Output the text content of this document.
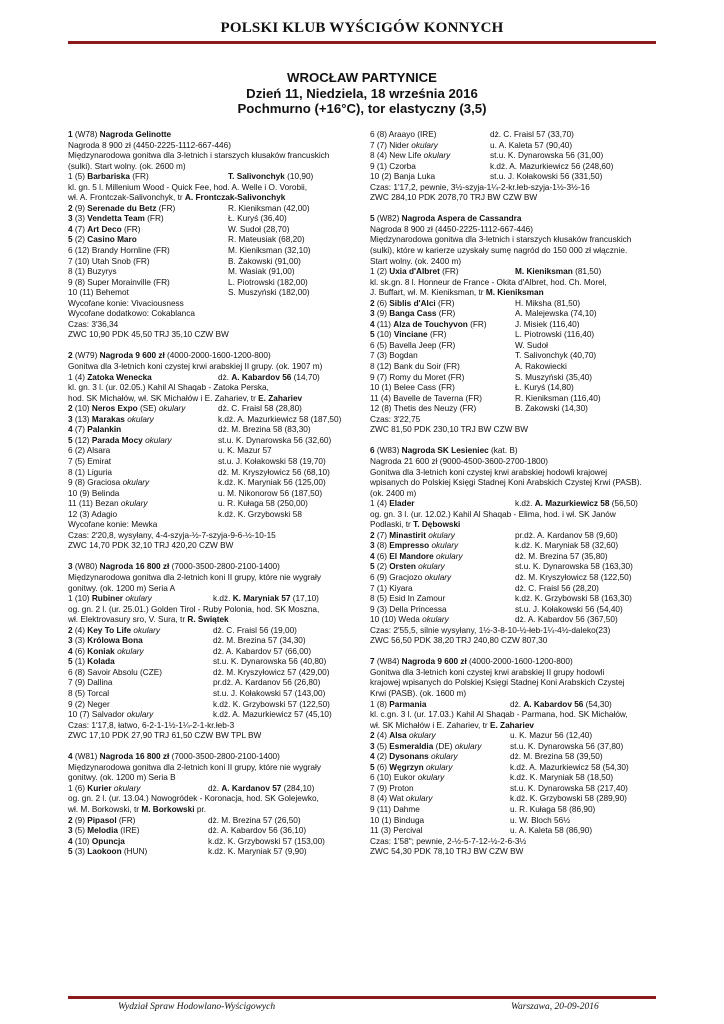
POLSKI KLUB WYŚCIGÓW KONNYCH
WROCŁAW PARTYNICE
Dzień 11, Niedziela, 18 września 2016
Pochmurno (+16°C), tor elastyczny (3,5)
1 (W78) Nagroda Gelinotte
Nagroda 8 900 zł (4450-2225-1112-667-446)
Międzynarodowa gonitwa dla 3-letnich i starszych kłusaków francuskich
(sulki). Start wolny. (ok. 2600 m)
1 (5) Barbariska (FR)	T. Salivonchyk (10,90)
kl. gn. 5 l. Millenium Wood - Quick Fee, hod. A. Welle i O. Vorobii,
wł. A. Frontczak-Salivonchyk, tr A. Frontczak-Salivonchyk
2 (9) Serenade du Betz (FR)	R. Kieniksman (42,00)
3 (3) Vendetta Team (FR)	Ł. Kuryś (36,40)
4 (7) Art Deco (FR)	W. Sudoł (28,70)
5 (2) Casino Maro	R. Mateusiak (68,20)
6 (12) Brandy Hornline (FR)	M. Kieniksman (32,10)
7 (10) Utah Snob (FR)	B. Żakowski (91,00)
8 (1) Buzyrys	M. Wasiak (91,00)
9 (8) Super Morainville (FR)	L. Piotrowski (182,00)
10 (11) Behemot	S. Muszyński (182,00)
Wycofane konie: Vivaciousness
Wycofane dodatkowo: Cokablanca
Czas: 3'36,34
ZWC 10,90 PDK 45,50 TRJ 35,10 CZW BW
2 (W79) Nagroda 9 600 zł (4000-2000-1600-1200-800)
Gonitwa dla 3-letnich koni czystej krwi arabskiej II grupy. (ok. 1907 m)
1 (4) Zatoka Wenecka	dż. A. Kabardov 56 (14,70)
kl. gn. 3 l. (ur. 02.05.) Kahil Al Shaqab - Zatoka Perska,
hod. SK Michałów, wł. SK Michałów i E. Zahariev, tr E. Zahariev
2 (10) Neros Expo (SE) okulary	dż. C. Fraisl 58 (28,80)
3 (13) Marakas okulary	k.dż. A. Mazurkiewicz 58 (187,50)
4 (7) Palankin	dż. M. Brezina 58 (83,30)
5 (12) Parada Mocy okulary	st.u. K. Dynarowska 56 (32,60)
6 (2) Alsara	u. K. Mazur 57
7 (5) Emirat	st.u. J. Kołakowski 58 (19,70)
8 (1) Liguria	dż. M. Kryszyłowicz 56 (68,10)
9 (8) Graciosa okulary	k.dż. K. Maryniak 56 (125,00)
10 (9) Belinda	u. M. Nikonorow 56 (187,50)
11 (11) Bezan okulary	u. R. Kułaga 58 (250,00)
12 (3) Adagio	k.dż. K. Grzybowski 58
Wycofane konie: Mewka
Czas: 2'20,8, wysyłany, 4-4-szyja-½-7-szyja-9-6-½-10-15
ZWC 14,70 PDK 32,10 TRJ 420,20 CZW BW
3 (W80) Nagroda 16 800 zł (7000-3500-2800-2100-1400)
Międzynarodowa gonitwa dla 2-letnich koni II grupy, które nie wygrały
gonitwy. (ok. 1200 m) Seria A
1 (10) Rubiner okulary	k.dż. K. Maryniak 57 (17,10)
og. gn. 2 l. (ur. 25.01.) Golden Tirol - Ruby Polonia, hod. SK Moszna,
wł. Elektrovasury sro, V. Sura, tr R. Świątek
2 (4) Key To Life okulary	dż. C. Fraisl 56 (19,00)
3 (3) Królowa Bona	dż. M. Brezina 57 (34,30)
4 (6) Koniak okulary	dż. A. Kabardov 57 (66,00)
5 (1) Kolada	st.u. K. Dynarowska 56 (40,80)
6 (8) Savoir Absolu (CZE)	dż. M. Kryszyłowicz 57 (429,00)
7 (9) Dallina	pr.dż. A. Kardanov 56 (26,80)
8 (5) Torcal	st.u. J. Kołakowski 57 (143,00)
9 (2) Neger	k.dż. K. Grzybowski 57 (122,50)
10 (7) Salvador okulary	k.dż. A. Mazurkiewicz 57 (45,10)
Czas: 1'17,8, łatwo, 6-2-1-1½-1¼-2-1-kr.łeb-3
ZWC 17,10 PDK 27,90 TRJ 61,50 CZW BW TPL BW
4 (W81) Nagroda 16 800 zł (7000-3500-2800-2100-1400)
Międzynarodowa gonitwa dla 2-letnich koni II grupy, które nie wygrały
gonitwy. (ok. 1200 m) Seria B
1 (6) Kurier okulary	dż. A. Kardanov 57 (284,10)
og. gn. 2 l. (ur. 13.04.) Nowogródek - Koronacja, hod. SK Golejewko,
wł. M. Borkowski, tr M. Borkowski pr.
2 (9) Pipasol (FR)	dż. M. Brezina 57 (26,50)
3 (5) Melodia (IRE)	dż. A. Kabardov 56 (36,10)
4 (10) Opuncja	k.dż. K. Grzybowski 57 (153,00)
5 (3) Laokoon (HUN)	k.dż. K. Maryniak 57 (9,90)
6 (8) Araayo (IRE)	dż. C. Fraisl 57 (33,70)
7 (7) Nider okulary	u. A. Kaleta 57 (90,40)
8 (4) New Life okulary	st.u. K. Dynarowska 56 (31,00)
9 (1) Czorba	k.dż. A. Mazurkiewicz 56 (248,60)
10 (2) Banja Luka	st.u. J. Kołakowski 56 (331,50)
Czas: 1'17,2, pewnie, 3½-szyja-1¼-2-kr.łeb-szyja-1½-3½-16
ZWC 284,10 PDK 2078,70 TRJ BW CZW BW
5 (W82) Nagroda Aspera de Cassandra
Nagroda 8 900 zł (4450-2225-1112-667-446)
Międzynarodowa gonitwa dla 3-letnich i starszych kłusaków francuskich
(sulki), które w karierze uzyskały sumę nagród do 150 000 zł włącznie.
Start wolny. (ok. 2400 m)
1 (2) Uxia d'Albret (FR)	M. Kieniksman (81,50)
kl. sk.gn. 8 l. Honneur de France - Okita d'Albret, hod. Ch. Morel,
J. Buffart, wł. M. Kieniksman, tr M. Kieniksman
2 (6) Siblis d'Alci (FR)	H. Miksha (81,50)
3 (9) Banga Cass (FR)	A. Malejewska (74,10)
4 (11) Alza de Touchyvon (FR)	J. Misiek (116,40)
5 (10) Vinciane (FR)	L. Piotrowski (116,40)
6 (5) Bavella Jeep (FR)	W. Sudoł
7 (3) Bogdan	T. Salivonchyk (40,70)
8 (12) Bank du Soir (FR)	A. Rakowiecki
9 (7) Romy du Moret (FR)	S. Muszyński (35,40)
10 (1) Belee Cass (FR)	Ł. Kuryś (14,80)
11 (4) Bavelle de Taverna (FR)	R. Kieniksman (116,40)
12 (8) Thetis des Neuzy (FR)	B. Żakowski (14,30)
Czas: 3'22,75
ZWC 81,50 PDK 230,10 TRJ BW CZW BW
6 (W83) Nagroda SK Lesieniec (kat. B)
Nagroda 21 600 zł (9000-4500-3600-2700-1800)
Gonitwa dla 3-letnich koni czystej krwi arabskiej hodowli krajowej
wpisanych do Polskiej Księgi Stadnej Koni Arabskich Czystej Krwi (PASB).
(ok. 2400 m)
1 (4) Elader	k.dż. A. Mazurkiewicz 58 (56,50)
og. gn. 3 l. (ur. 12.02.) Kahil Al Shaqab - Elima, hod. i wł. SK Janów
Podlaski, tr T. Dębowski
2 (7) Minastirit okulary	pr.dż. A. Kardanov 58 (9,60)
3 (8) Empresso okulary	k.dż. K. Maryniak 58 (32,60)
4 (6) El Mandore okulary	dż. M. Brezina 57 (35,80)
5 (2) Orsten okulary	st.u. K. Dynarowska 58 (163,30)
6 (9) Gracjozo okulary	dż. M. Kryszyłowicz 58 (122,50)
7 (1) Kiyara	dż. C. Fraisl 56 (28,20)
8 (5) Esid In Zamour	k.dż. K. Grzybowski 58 (163,30)
9 (3) Della Princessa	st.u. J. Kołakowski 56 (54,40)
10 (10) Weda okulary	dż. A. Kabardov 56 (367,50)
Czas: 2'55,5, silnie wysyłany, 1½-3-8-10-½-łeb-1¼-4½-daleko(23)
ZWC 56,50 PDK 38,20 TRJ 240,80 CZW 807,30
7 (W84) Nagroda 9 600 zł (4000-2000-1600-1200-800)
Gonitwa dla 3-letnich koni czystej krwi arabskiej II grupy hodowli
krajowej wpisanych do Polskiej Księgi Stadnej Koni Arabskich Czystej
Krwi (PASB). (ok. 1600 m)
1 (8) Parmania	dż. A. Kabardov 56 (54,30)
kl. c.gn. 3 l. (ur. 17.03.) Kahil Al Shaqab - Parmana, hod. SK Michałów,
wł. SK Michałów i E. Zahariev, tr E. Zahariev
2 (4) Alsa okulary	u. K. Mazur 56 (12,40)
3 (5) Esmeraldia (DE) okulary	st.u. K. Dynarowska 56 (37,80)
4 (2) Dysonans okulary	dż. M. Brezina 58 (39,50)
5 (6) Węgrzyn okulary	k.dż. A. Mazurkiewicz 58 (54,30)
6 (10) Eukor okulary	k.dż. K. Maryniak 58 (18,50)
7 (9) Proton	st.u. K. Dynarowska 58 (217,40)
8 (4) Wat okulary	k.dż. K. Grzybowski 58 (289,90)
9 (11) Dahme	u. R. Kułaga 58 (86,90)
10 (1) Binduga	u. W. Bloch 56½
11 (3) Percival	u. A. Kaleta 58 (86,90)
Czas: 1'58"; pewnie, 2-½-5-7-12-½-2-6-3½
ZWC 54,30 PDK 78,10 TRJ BW CZW BW
Wydział Spraw Hodowlano-Wyścigowych	Warszawa, 20-09-2016
